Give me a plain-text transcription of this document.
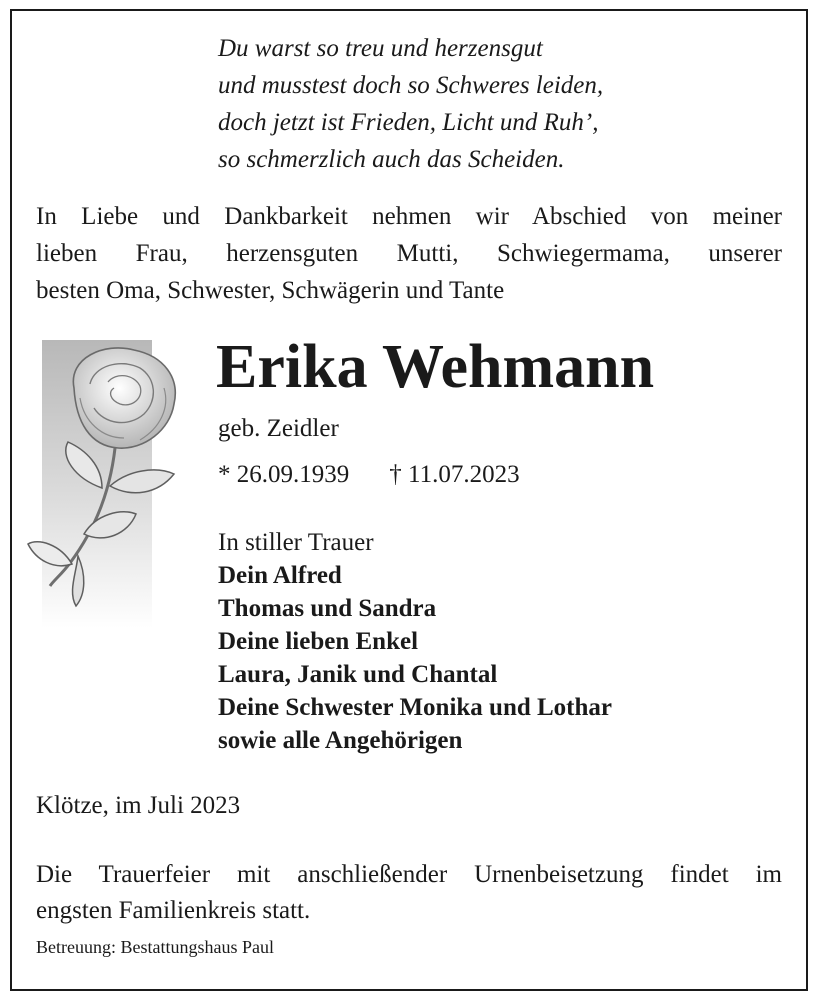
Du warst so treu und herzensgut
und musstest doch so Schweres leiden,
doch jetzt ist Frieden, Licht und Ruh’,
so schmerzlich auch das Scheiden.

In Liebe und Dankbarkeit nehmen wir Abschied von meiner
lieben Frau, herzensguten Mutti, Schwiegermama, unserer
besten Oma, Schwester, Schwägerin und Tante

Erika Wehmann
geb. Zeidler
* 26.09.1939 † 11.07.2023
In stiller Trauer
Dein Alfred
Thomas und Sandra
Deine lieben Enkel
Laura, Janik und Chantal
Deine Schwester Monika und Lothar
sowie alle Angehörigen
Klötze, im Juli 2023

Die Trauerfeier mit anschließender Urnenbeisetzung findet im
engsten Familienkreis statt.

Betreuung: Bestattungshaus Paul
